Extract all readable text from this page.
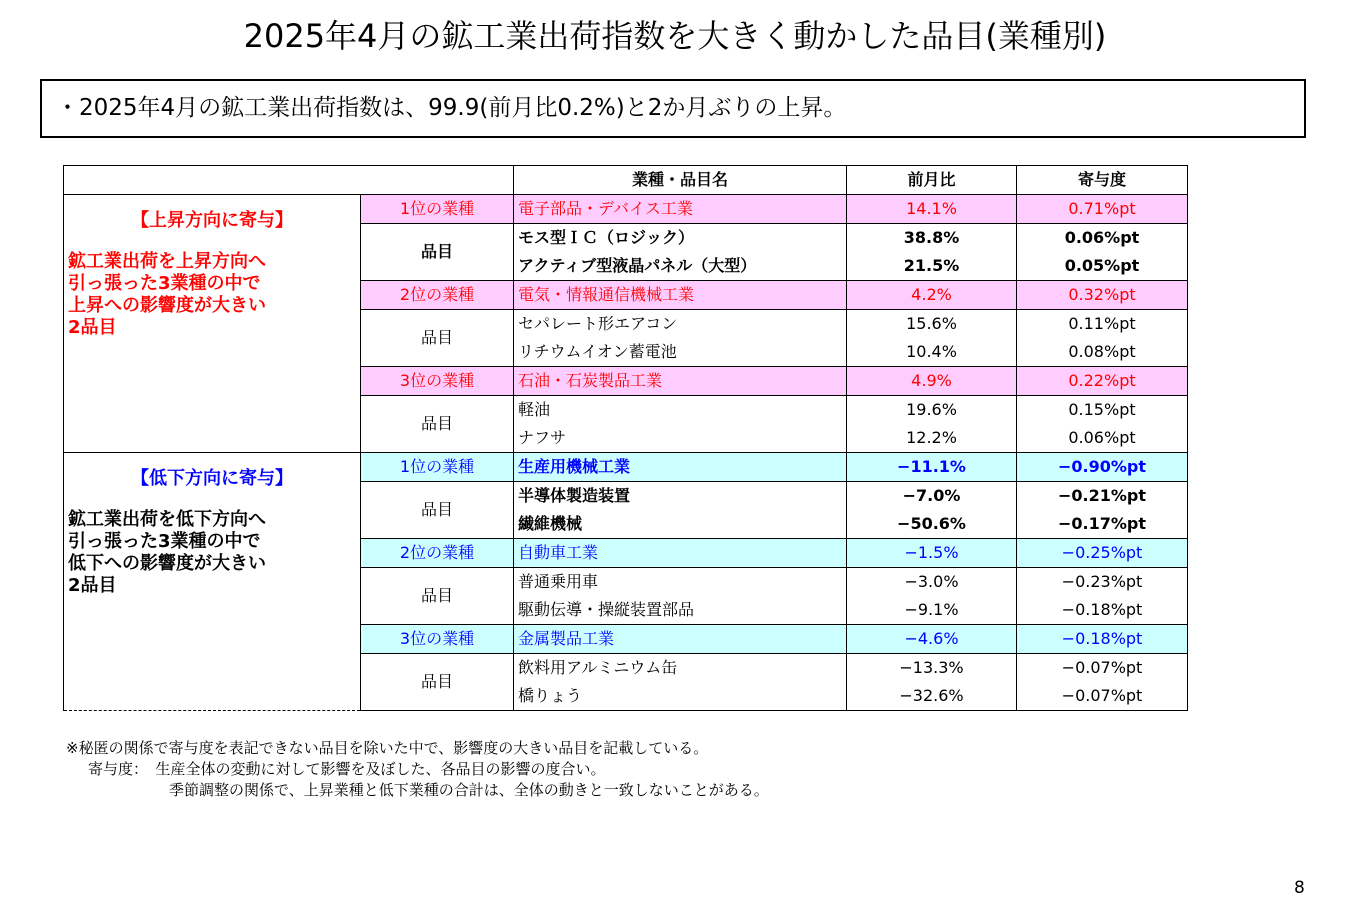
2025年4月の鉱工業出荷指数を大きく動かした品目(業種別)
・2025年4月の鉱工業出荷指数は、99.9(前月比0.2%)と2か月ぶりの上昇。
		業種・品目名	前月比	寄与度

【上昇方向に寄与】
鉱工業出荷を上昇方向へ
引っ張った3業種の中で
上昇への影響度が大きい
2品目	1位の業種	電子部品・デバイス工業	14.1%	0.71%pt
	品目	モス型ＩＣ（ロジック）	38.8%	0.06%pt
		アクティブ型液晶パネル（大型）	21.5%	0.05%pt
	2位の業種	電気・情報通信機械工業	4.2%	0.32%pt
	品目	セパレート形エアコン	15.6%	0.11%pt
		リチウムイオン蓄電池	10.4%	0.08%pt
	3位の業種	石油・石炭製品工業	4.9%	0.22%pt
	品目	軽油	19.6%	0.15%pt
		ナフサ	12.2%	0.06%pt

【低下方向に寄与】
鉱工業出荷を低下方向へ
引っ張った3業種の中で
低下への影響度が大きい
2品目	1位の業種	生産用機械工業	−11.1%	−0.90%pt
	品目	半導体製造装置	−7.0%	−0.21%pt
		繊維機械	−50.6%	−0.17%pt
	2位の業種	自動車工業	−1.5%	−0.25%pt
	品目	普通乗用車	−3.0%	−0.23%pt
		駆動伝導・操縦装置部品	−9.1%	−0.18%pt
	3位の業種	金属製品工業	−4.6%	−0.18%pt
	品目	飲料用アルミニウム缶	−13.3%	−0.07%pt
		橋りょう	−32.6%	−0.07%pt
※秘匿の関係で寄与度を表記できない品目を除いた中で、影響度の大きい品目を記載している。
寄与度：　生産全体の変動に対して影響を及ぼした、各品目の影響の度合い。
季節調整の関係で、上昇業種と低下業種の合計は、全体の動きと一致しないことがある。
8
